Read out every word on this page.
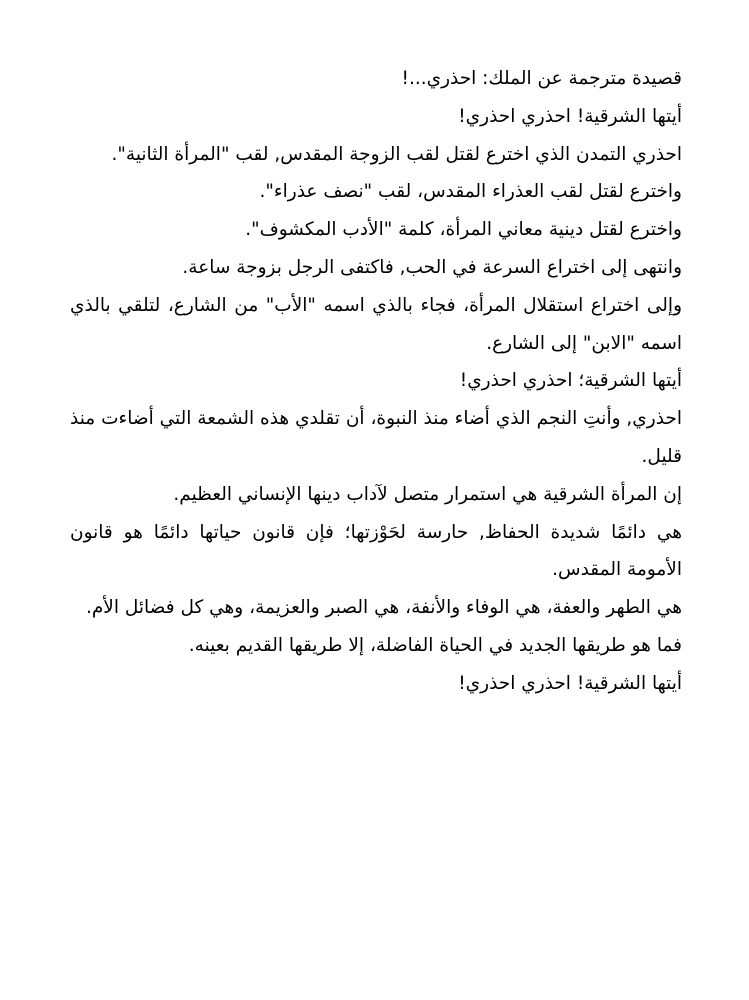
قصيدة مترجمة عن الملك: احذري...!

أيتها الشرقية! احذري احذري!

احذري التمدن الذي اخترع لقتل لقب الزوجة المقدس, لقب "المرأة الثانية".

واخترع لقتل لقب العذراء المقدس، لقب "نصف عذراء".

واخترع لقتل دينية معاني المرأة، كلمة "الأدب المكشوف".

وانتهى إلى اختراع السرعة في الحب, فاكتفى الرجل بزوجة ساعة.

وإلى اختراع استقلال المرأة، فجاء بالذي اسمه "الأب" من الشارع، لتلقي بالذي اسمه "الابن" إلى الشارع.

أيتها الشرقية؛ احذري احذري!

احذري, وأنتِ النجم الذي أضاء منذ النبوة، أن تقلدي هذه الشمعة التي أضاءت منذ قليل.

إن المرأة الشرقية هي استمرار متصل لآداب دينها الإنساني العظيم.

هي دائمًا شديدة الحفاظ, حارسة لحَوْزتها؛ فإن قانون حياتها دائمًا هو قانون الأمومة المقدس.

هي الطهر والعفة، هي الوفاء والأنفة، هي الصبر والعزيمة، وهي كل فضائل الأم.

فما هو طريقها الجديد في الحياة الفاضلة، إلا طريقها القديم بعينه.

أيتها الشرقية! احذري احذري!
